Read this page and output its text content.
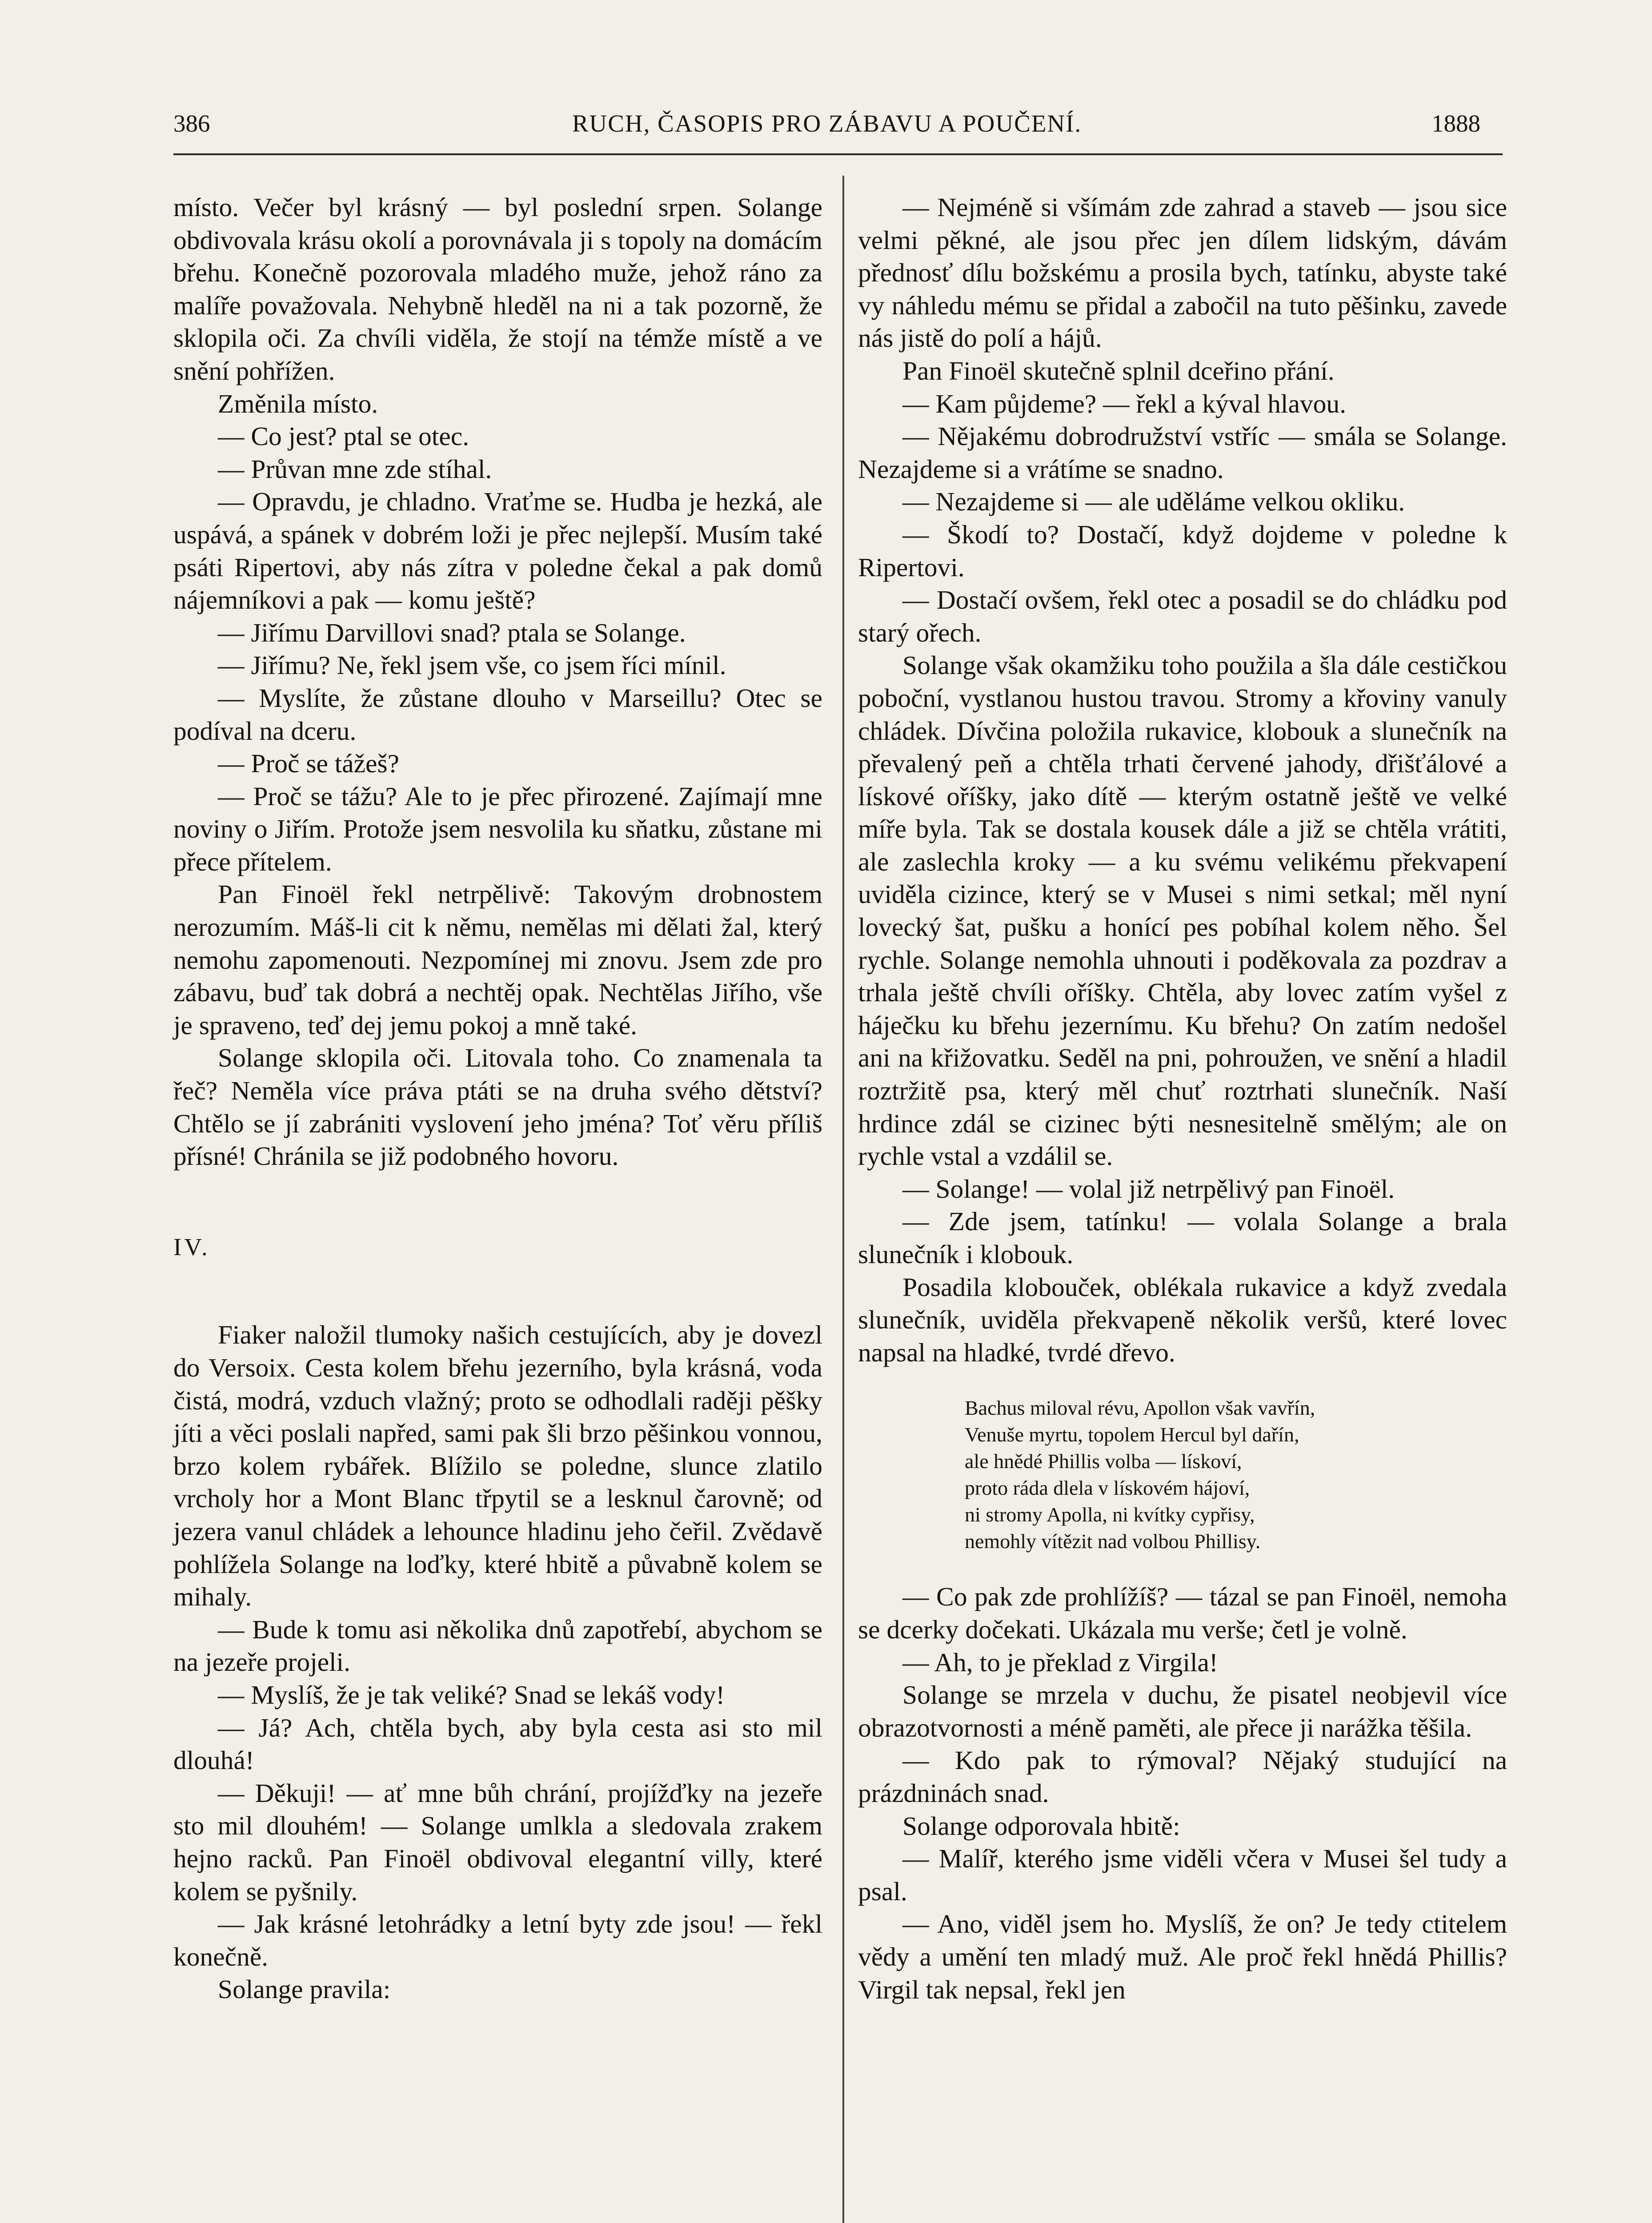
386	RUCH, ČASOPIS PRO ZÁBAVU A POUČENÍ.	1888

místo. Večer byl krásný — byl poslední srpen. Solange obdivovala krásu okolí a porovnávala ji s topoly na domácím břehu. Konečně pozorovala mladého muže, jehož ráno za malíře považovala. Nehybně hleděl na ni a tak pozorně, že sklopila oči. Za chvíli viděla, že stojí na témže místě a ve snění pohřížen.

Změnila místo.

— Co jest? ptal se otec.

— Průvan mne zde stíhal.

— Opravdu, je chladno. Vraťme se. Hudba je hezká, ale uspává, a spánek v dobrém loži je přec nejlepší. Musím také psáti Ripertovi, aby nás zítra v poledne čekal a pak domů nájemníkovi a pak — komu ještě?

— Jiřímu Darvillovi snad? ptala se Solange.

— Jiřímu? Ne, řekl jsem vše, co jsem říci mínil.

— Myslíte, že zůstane dlouho v Marseillu? Otec se podíval na dceru.

— Proč se tážeš?

— Proč se tážu? Ale to je přec přirozené. Zajímají mne noviny o Jiřím. Protože jsem nesvolila ku sňatku, zůstane mi přece přítelem.

Pan Finoël řekl netrpělivě: Takovým drobnostem nerozumím. Máš-li cit k němu, nemělas mi dělati žal, který nemohu zapomenouti. Nezpomínej mi znovu. Jsem zde pro zábavu, buď tak dobrá a nechtěj opak. Nechtělas Jiřího, vše je spraveno, teď dej jemu pokoj a mně také.

Solange sklopila oči. Litovala toho. Co znamenala ta řeč? Neměla více práva ptáti se na druha svého dětství? Chtělo se jí zabrániti vyslovení jeho jména? Toť věru příliš přísné! Chránila se již podobného hovoru.

IV.

Fiaker naložil tlumoky našich cestujících, aby je dovezl do Versoix. Cesta kolem břehu jezerního, byla krásná, voda čistá, modrá, vzduch vlažný; proto se odhodlali raději pěšky jíti a věci poslali napřed, sami pak šli brzo pěšinkou vonnou, brzo kolem rybářek. Blížilo se poledne, slunce zlatilo vrcholy hor a Mont Blanc třpytil se a lesknul čarovně; od jezera vanul chládek a lehounce hladinu jeho čeřil. Zvědavě pohlížela Solange na loďky, které hbitě a půvabně kolem se mihaly.

— Bude k tomu asi několika dnů zapotřebí, abychom se na jezeře projeli.

— Myslíš, že je tak veliké? Snad se lekáš vody!

— Já? Ach, chtěla bych, aby byla cesta asi sto mil dlouhá!

— Děkuji! — ať mne bůh chrání, projížďky na jezeře sto mil dlouhém! — Solange umlkla a sledovala zrakem hejno racků. Pan Finoël obdivoval elegantní villy, které kolem se pyšnily.

— Jak krásné letohrádky a letní byty zde jsou! — řekl konečně.

Solange pravila:

— Nejméně si všímám zde zahrad a staveb — jsou sice velmi pěkné, ale jsou přec jen dílem lidským, dávám přednosť dílu božskému a prosila bych, tatínku, abyste také vy náhledu mému se přidal a zabočil na tuto pěšinku, zavede nás jistě do polí a hájů.

Pan Finoël skutečně splnil dceřino přání.

— Kam půjdeme? — řekl a kýval hlavou.

— Nějakému dobrodružství vstříc — smála se Solange. Nezajdeme si a vrátíme se snadno.

— Nezajdeme si — ale uděláme velkou okliku.

— Škodí to? Dostačí, když dojdeme v poledne k Ripertovi.

— Dostačí ovšem, řekl otec a posadil se do chládku pod starý ořech.

Solange však okamžiku toho použila a šla dále cestičkou poboční, vystlanou hustou travou. Stromy a křoviny vanuly chládek. Dívčina položila rukavice, klobouk a slunečník na převalený peň a chtěla trhati červené jahody, dřišťálové a lískové oříšky, jako dítě — kterým ostatně ještě ve velké míře byla. Tak se dostala kousek dále a již se chtěla vrátiti, ale zaslechla kroky — a ku svému velikému překvapení uviděla cizince, který se v Musei s nimi setkal; měl nyní lovecký šat, pušku a honící pes pobíhal kolem něho. Šel rychle. Solange nemohla uhnouti i poděkovala za pozdrav a trhala ještě chvíli oříšky. Chtěla, aby lovec zatím vyšel z háječku ku břehu jezernímu. Ku břehu? On zatím nedošel ani na křižovatku. Seděl na pni, pohroužen, ve snění a hladil roztržitě psa, který měl chuť roztrhati slunečník. Naší hrdince zdál se cizinec býti nesnesitelně smělým; ale on rychle vstal a vzdálil se.

— Solange! — volal již netrpělivý pan Finoël.

— Zde jsem, tatínku! — volala Solange a brala slunečník i klobouk.

Posadila klobouček, oblékala rukavice a když zvedala slunečník, uviděla překvapeně několik veršů, které lovec napsal na hladké, tvrdé dřevo.

Bachus miloval révu, Apollon však vavřín,
Venuše myrtu, topolem Hercul byl dařín,
ale hnědé Phillis volba — lískoví,
proto ráda dlela v lískovém hájoví,
ni stromy Apolla, ni kvítky cypřisy,
nemohly vítězit nad volbou Phillisy.

— Co pak zde prohlížíš? — tázal se pan Finoël, nemoha se dcerky dočekati. Ukázala mu verše; četl je volně.

— Ah, to je překlad z Virgila!

Solange se mrzela v duchu, že pisatel neobjevil více obrazotvornosti a méně paměti, ale přece ji narážka těšila.

— Kdo pak to rýmoval? Nějaký studující na prázdninách snad.

Solange odporovala hbitě:

— Malíř, kterého jsme viděli včera v Musei šel tudy a psal.

— Ano, viděl jsem ho. Myslíš, že on? Je tedy ctitelem vědy a umění ten mladý muž. Ale proč řekl hnědá Phillis? Virgil tak nepsal, řekl jen
